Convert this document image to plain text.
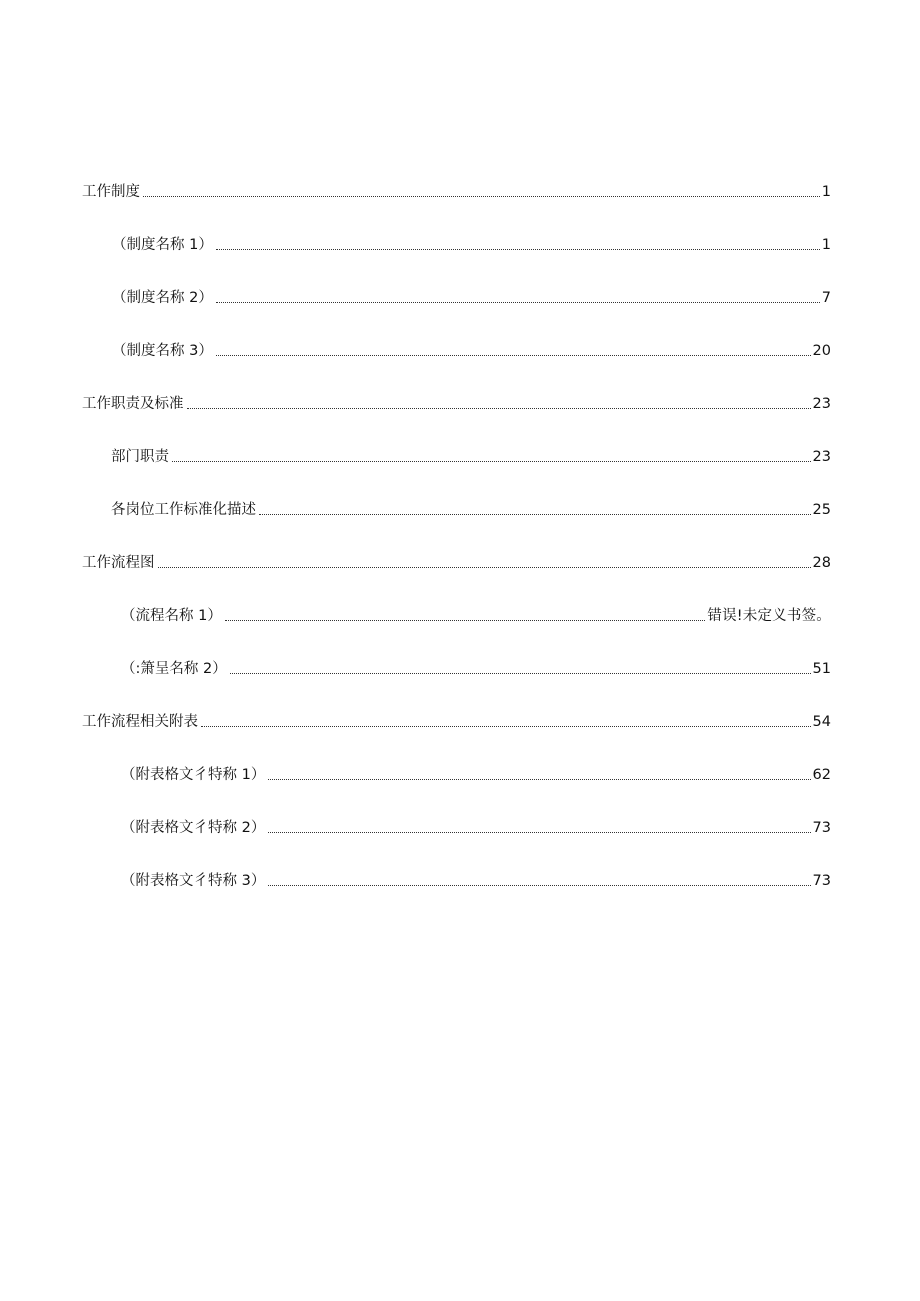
工作制度	1
（制度名称 1）	1
（制度名称 2）	7
（制度名称 3）	20
工作职责及标准	23
部门职责	23
各岗位工作标准化描述	25
工作流程图	28
（流程名称 1）	错误!未定义书签。
（:箫呈名称 2）	51
工作流程相关附表	54
（附表格文彳特称 1）	62
（附表格文彳特称 2）	73
（附表格文彳特称 3）	73
